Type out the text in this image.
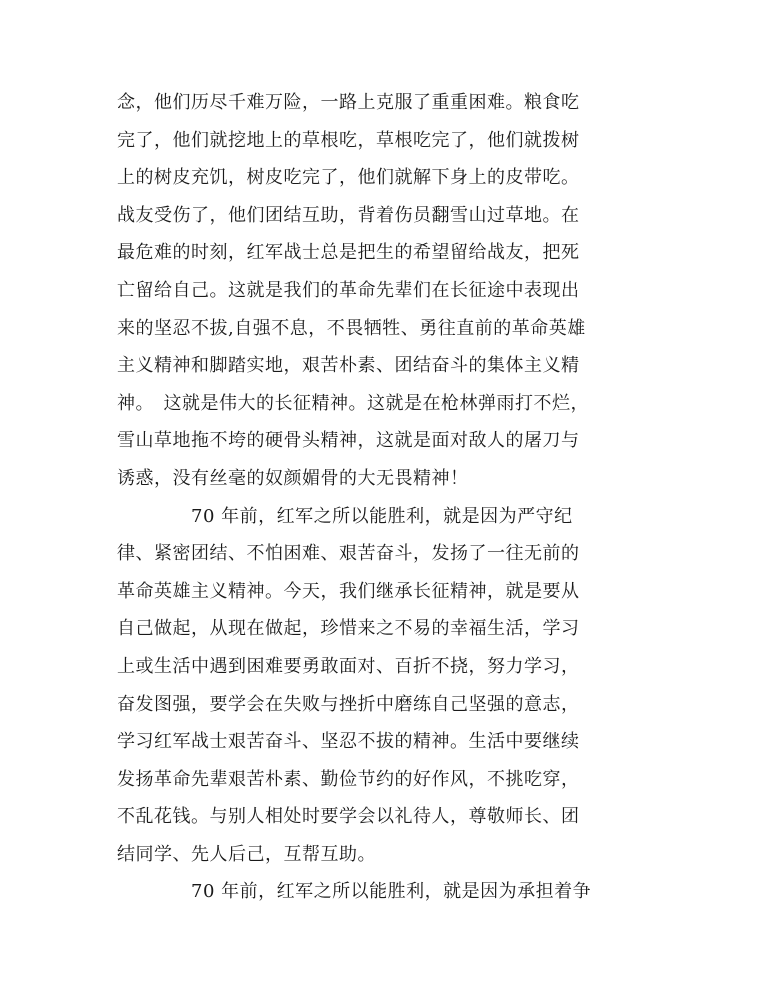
念，他们历尽千难万险，一路上克服了重重困难。粮食吃
完了，他们就挖地上的草根吃，草根吃完了，他们就拨树
上的树皮充饥，树皮吃完了，他们就解下身上的皮带吃。
战友受伤了，他们团结互助，背着伤员翻雪山过草地。在
最危难的时刻，红军战士总是把生的希望留给战友，把死
亡留给自己。这就是我们的革命先辈们在长征途中表现出
来的坚忍不拔,自强不息，不畏牺牲、勇往直前的革命英雄
主义精神和脚踏实地，艰苦朴素、团结奋斗的集体主义精
神。　这就是伟大的长征精神。这就是在枪林弹雨打不烂，
雪山草地拖不垮的硬骨头精神，这就是面对敌人的屠刀与
诱惑，没有丝毫的奴颜媚骨的大无畏精神！
　　　　70 年前，红军之所以能胜利，就是因为严守纪
律、紧密团结、不怕困难、艰苦奋斗，发扬了一往无前的
革命英雄主义精神。今天，我们继承长征精神，就是要从
自己做起，从现在做起，珍惜来之不易的幸福生活，学习
上或生活中遇到困难要勇敢面对、百折不挠，努力学习，
奋发图强，要学会在失败与挫折中磨练自己坚强的意志，
学习红军战士艰苦奋斗、坚忍不拔的精神。生活中要继续
发扬革命先辈艰苦朴素、勤俭节约的好作风，不挑吃穿，
不乱花钱。与别人相处时要学会以礼待人，尊敬师长、团
结同学、先人后己，互帮互助。
　　　　70 年前，红军之所以能胜利，就是因为承担着争
